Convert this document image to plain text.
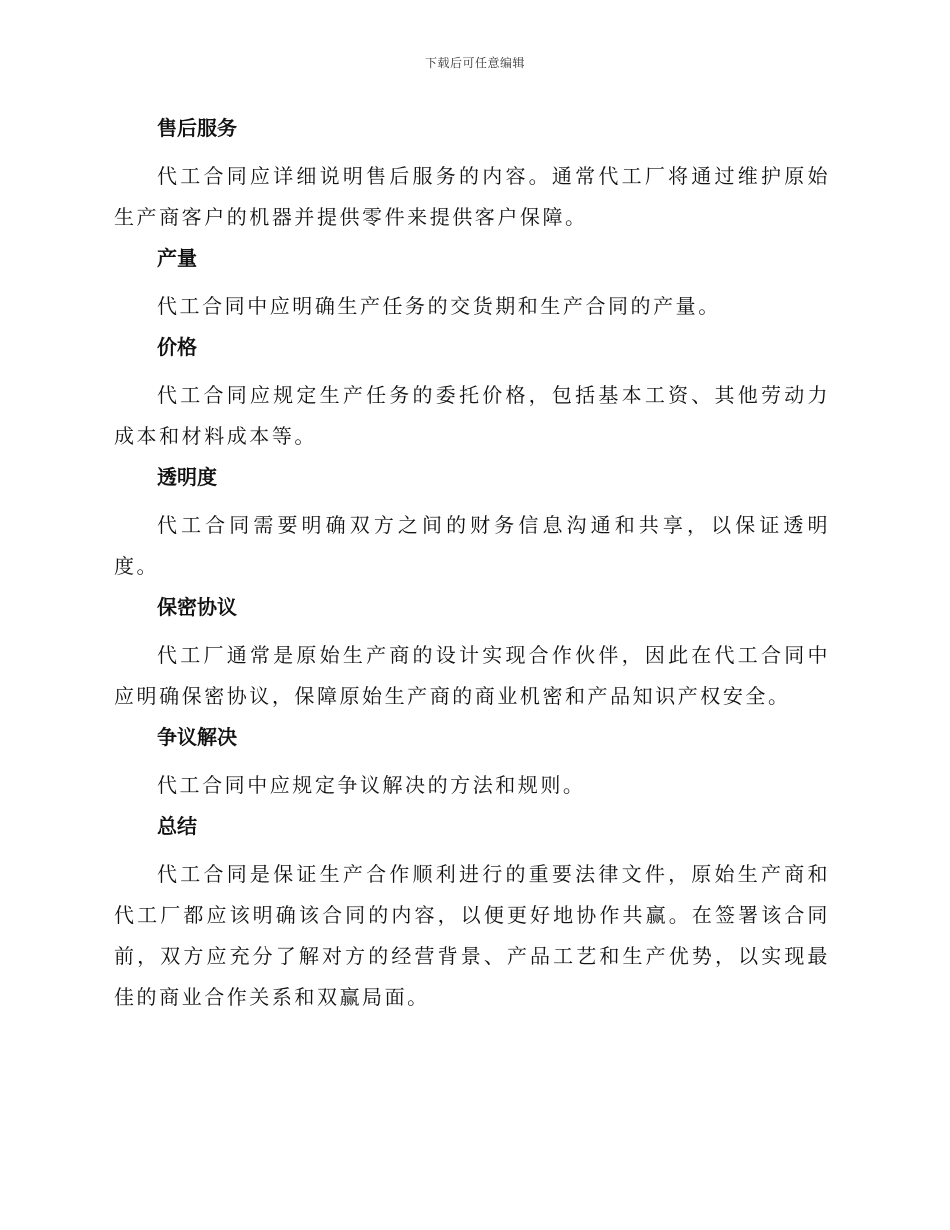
下载后可任意编辑
售后服务

代工合同应详细说明售后服务的内容。通常代工厂将通过维护原始生产商客户的机器并提供零件来提供客户保障。

产量

代工合同中应明确生产任务的交货期和生产合同的产量。

价格

代工合同应规定生产任务的委托价格，包括基本工资、其他劳动力成本和材料成本等。

透明度

代工合同需要明确双方之间的财务信息沟通和共享，以保证透明度。

保密协议

代工厂通常是原始生产商的设计实现合作伙伴，因此在代工合同中应明确保密协议，保障原始生产商的商业机密和产品知识产权安全。

争议解决

代工合同中应规定争议解决的方法和规则。

总结

代工合同是保证生产合作顺利进行的重要法律文件，原始生产商和代工厂都应该明确该合同的内容，以便更好地协作共赢。在签署该合同前，双方应充分了解对方的经营背景、产品工艺和生产优势，以实现最佳的商业合作关系和双赢局面。
